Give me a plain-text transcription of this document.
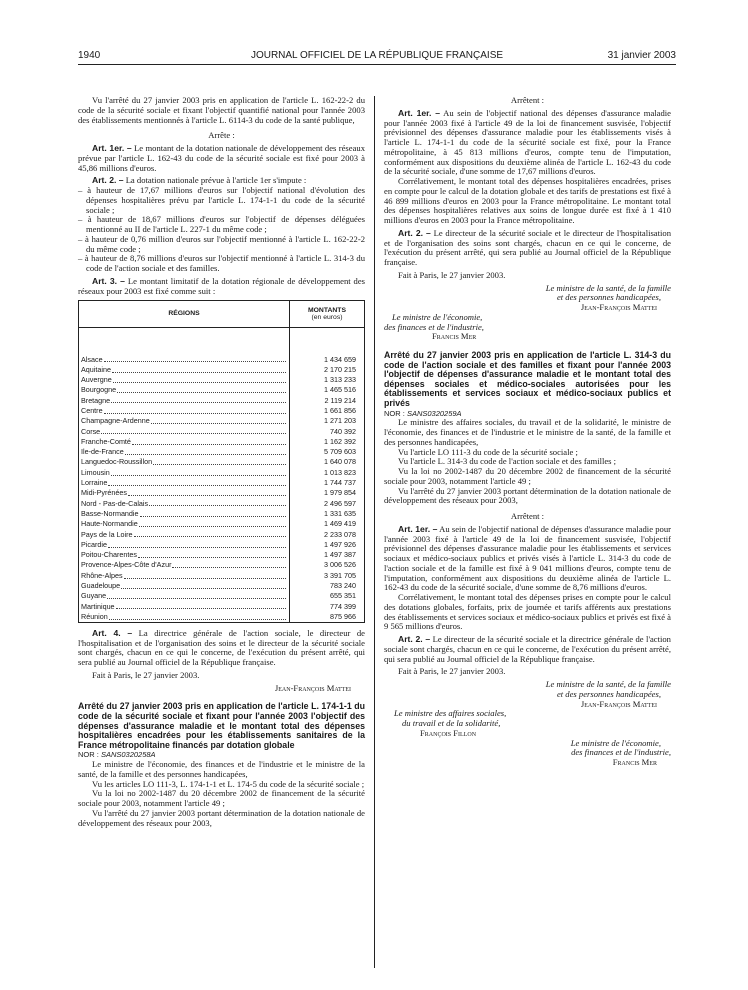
1940	JOURNAL OFFICIEL DE LA RÉPUBLIQUE FRANÇAISE	31 janvier 2003

Vu l'arrêté du 27 janvier 2003 pris en application de l'article L. 162-22-2 du code de la sécurité sociale et fixant l'objectif quantifié national pour l'année 2003 des établissements mentionnés à l'article L. 6114-3 du code de la santé publique,

Arrête :

Art. 1er. – Le montant de la dotation nationale de développement des réseaux prévue par l'article L. 162-43 du code de la sécurité sociale est fixé pour 2003 à 45,86 millions d'euros.

Art. 2. – La dotation nationale prévue à l'article 1er s'impute :

– à hauteur de 17,67 millions d'euros sur l'objectif national d'évolution des dépenses hospitalières prévu par l'article L. 174-1-1 du code de la sécurité sociale ;

– à hauteur de 18,67 millions d'euros sur l'objectif de dépenses déléguées mentionné au II de l'article L. 227-1 du même code ;

– à hauteur de 0,76 million d'euros sur l'objectif mentionné à l'article L. 162-22-2 du même code ;

– à hauteur de 8,76 millions d'euros sur l'objectif mentionné à l'article L. 314-3 du code de l'action sociale et des familles.

Art. 3. – Le montant limitatif de la dotation régionale de développement des réseaux pour 2003 est fixé comme suit :

RÉGIONS	MONTANTS
(en euros)

Alsace	1 434 659

Aquitaine	2 170 215

Auvergne	1 313 233

Bourgogne	1 465 516

Bretagne	2 119 214

Centre	1 661 856

Champagne-Ardenne	1 271 203

Corse	740 392

Franche-Comté	1 162 392

Ile-de-France	5 709 603

Languedoc-Roussillon	1 640 078

Limousin	1 013 823

Lorraine	1 744 737

Midi-Pyrénées	1 979 854

Nord - Pas-de-Calais	2 496 597

Basse-Normandie	1 331 635

Haute-Normandie	1 469 419

Pays de la Loire	2 233 078

Picardie	1 497 926

Poitou-Charentes	1 497 387

Provence-Alpes-Côte d'Azur	3 006 526

Rhône-Alpes	3 391 705

Guadeloupe	783 240

Guyane	655 351

Martinique	774 399

Réunion	875 966

Art. 4. – La directrice générale de l'action sociale, le directeur de l'hospitalisation et de l'organisation des soins et le directeur de la sécurité sociale sont chargés, chacun en ce qui le concerne, de l'exécution du présent arrêté, qui sera publié au Journal officiel de la République française.

Fait à Paris, le 27 janvier 2003.

Jean-François Mattei

Arrêté du 27 janvier 2003 pris en application de l'article L. 174-1-1 du code de la sécurité sociale et fixant pour l'année 2003 l'objectif des dépenses d'assurance maladie et le montant total des dépenses hospitalières encadrées pour les établissements sanitaires de la France métropolitaine financés par dotation globale

NOR : SANS0320258A

Le ministre de l'économie, des finances et de l'industrie et le ministre de la santé, de la famille et des personnes handicapées,

Vu les articles LO 111-3, L. 174-1-1 et L. 174-5 du code de la sécurité sociale ;

Vu la loi no 2002-1487 du 20 décembre 2002 de financement de la sécurité sociale pour 2003, notamment l'article 49 ;

Vu l'arrêté du 27 janvier 2003 portant détermination de la dotation nationale de développement des réseaux pour 2003,

Arrêtent :

Art. 1er. – Au sein de l'objectif national des dépenses d'assurance maladie pour l'année 2003 fixé à l'article 49 de la loi de financement susvisée, l'objectif prévisionnel des dépenses d'assurance maladie pour les établissements visés à l'article L. 174-1-1 du code de la sécurité sociale est fixé, pour la France métropolitaine, à 45 813 millions d'euros, compte tenu de l'imputation, conformément aux dispositions du deuxième alinéa de l'article L. 162-43 du code de la sécurité sociale, d'une somme de 17,67 millions d'euros.

Corrélativement, le montant total des dépenses hospitalières encadrées, prises en compte pour le calcul de la dotation globale et des tarifs de prestations est fixé à 46 899 millions d'euros en 2003 pour la France métropolitaine. Le montant total des dépenses hospitalières relatives aux soins de longue durée est fixé à 1 410 millions d'euros en 2003 pour la France métropolitaine.

Art. 2. – Le directeur de la sécurité sociale et le directeur de l'hospitalisation et de l'organisation des soins sont chargés, chacun en ce qui le concerne, de l'exécution du présent arrêté, qui sera publié au Journal officiel de la République française.

Fait à Paris, le 27 janvier 2003.

Le ministre de la santé, de la famille

et des personnes handicapées,

Jean-François Mattei

Le ministre de l'économie,

des finances et de l'industrie,

Francis Mer

Arrêté du 27 janvier 2003 pris en application de l'article L. 314-3 du code de l'action sociale et des familles et fixant pour l'année 2003 l'objectif de dépenses d'assurance maladie et le montant total des dépenses sociales et médico-sociales autorisées pour les établissements et services sociaux et médico-sociaux publics et privés

NOR : SANS0320259A

Le ministre des affaires sociales, du travail et de la solidarité, le ministre de l'économie, des finances et de l'industrie et le ministre de la santé, de la famille et des personnes handicapées,

Vu l'article LO 111-3 du code de la sécurité sociale ;

Vu l'article L. 314-3 du code de l'action sociale et des familles ;

Vu la loi no 2002-1487 du 20 décembre 2002 de financement de la sécurité sociale pour 2003, notamment l'article 49 ;

Vu l'arrêté du 27 janvier 2003 portant détermination de la dotation nationale de développement des réseaux pour 2003,

Arrêtent :

Art. 1er. – Au sein de l'objectif national de dépenses d'assurance maladie pour l'année 2003 fixé à l'article 49 de la loi de financement susvisée, l'objectif prévisionnel des dépenses d'assurance maladie pour les établissements et services sociaux et médico-sociaux publics et privés visés à l'article L. 314-3 du code de l'action sociale et de la famille est fixé à 9 041 millions d'euros, compte tenu de l'imputation, conformément aux dispositions du deuxième alinéa de l'article L. 162-43 du code de la sécurité sociale, d'une somme de 8,76 millions d'euros.

Corrélativement, le montant total des dépenses prises en compte pour le calcul des dotations globales, forfaits, prix de journée et tarifs afférents aux prestations des établissements et services sociaux et médico-sociaux publics et privés est fixé à 9 565 millions d'euros.

Art. 2. – Le directeur de la sécurité sociale et la directrice générale de l'action sociale sont chargés, chacun en ce qui le concerne, de l'exécution du présent arrêté, qui sera publié au Journal officiel de la République française.

Fait à Paris, le 27 janvier 2003.

Le ministre de la santé, de la famille

et des personnes handicapées,

Jean-François Mattei

Le ministre des affaires sociales,

du travail et de la solidarité,

François Fillon

Le ministre de l'économie,

des finances et de l'industrie,

Francis Mer
